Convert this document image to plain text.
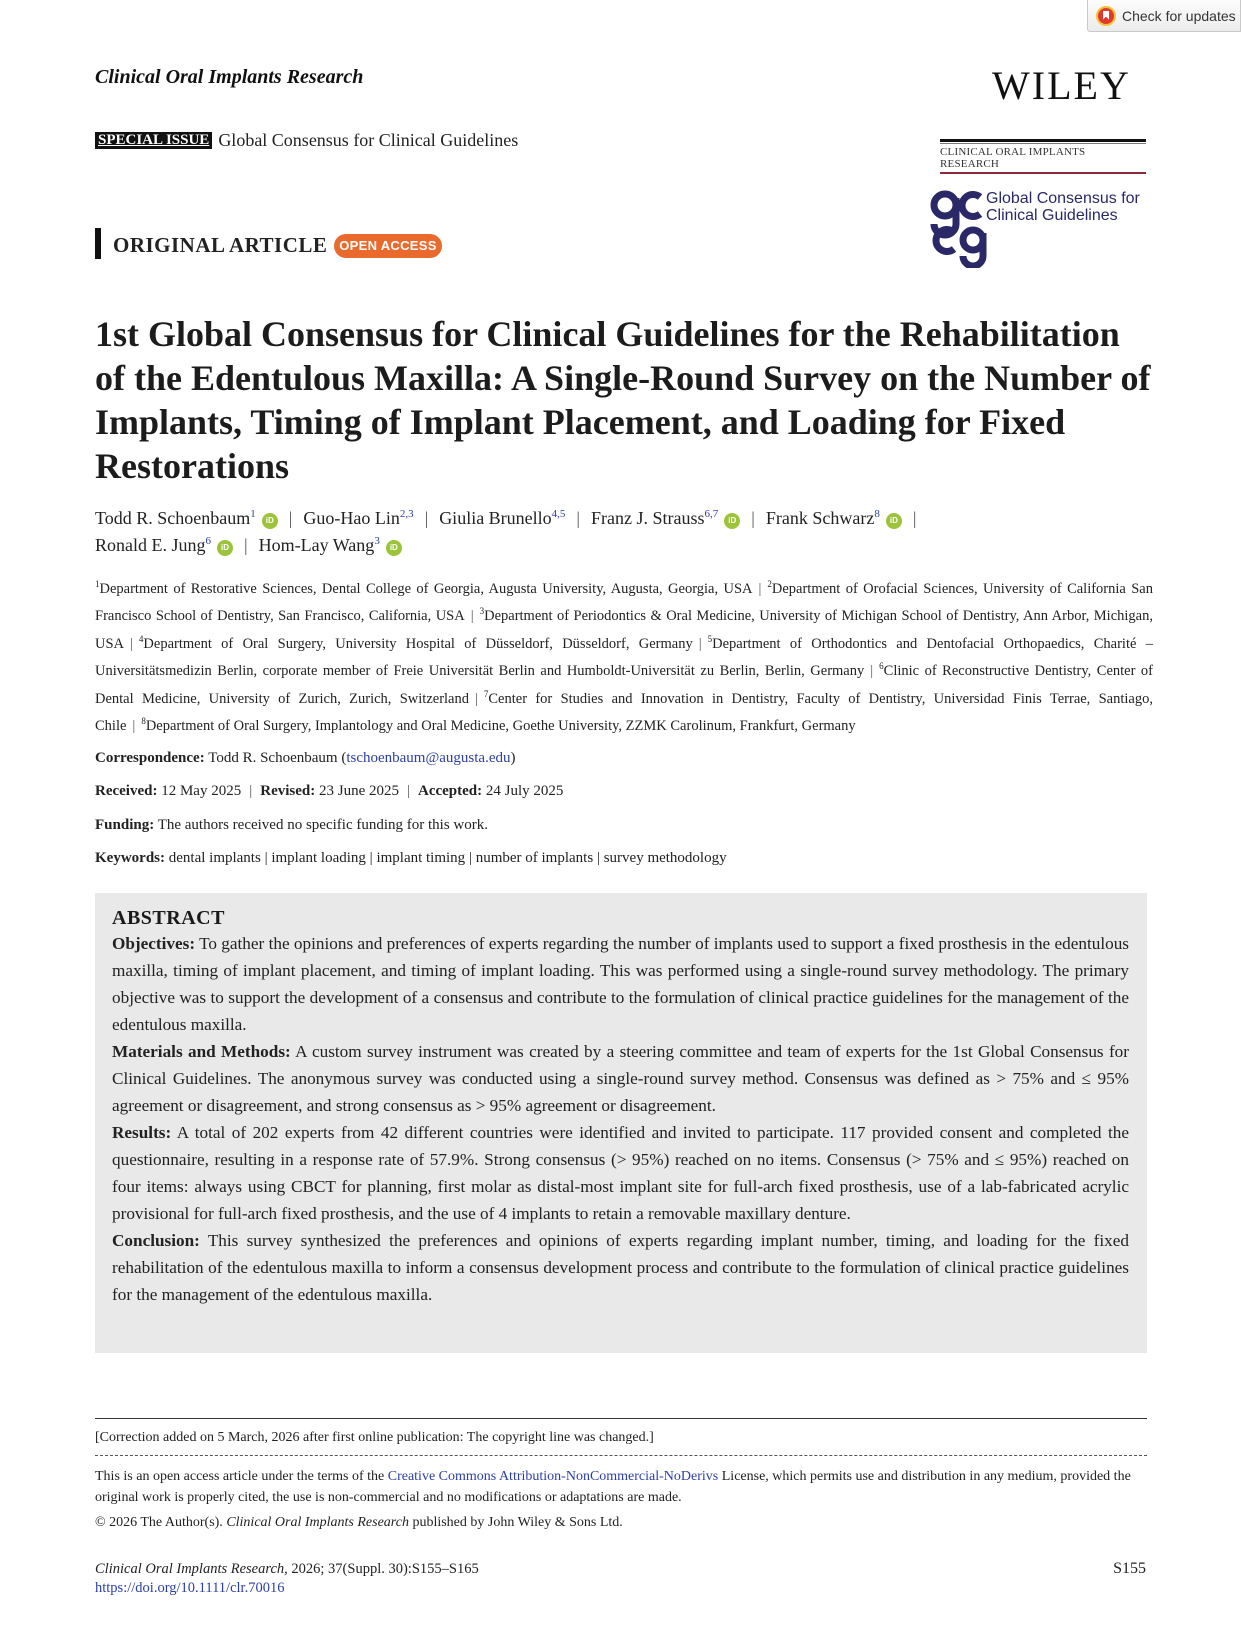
Check for updates
Clinical Oral Implants Research	WILEY
SPECIAL ISSUE Global Consensus for Clinical Guidelines
CLINICAL ORAL IMPLANTS RESEARCH
Global Consensus for
Clinical Guidelines
ORIGINAL ARTICLE OPEN ACCESS
1st Global Consensus for Clinical Guidelines for the Rehabilitation of the Edentulous Maxilla: A Single-Round Survey on the Number of Implants, Timing of Implant Placement, and Loading for Fixed Restorations
Todd R. Schoenbaum$^1$iD | Guo-Hao Lin$^{2,3}$ | Giulia Brunello$^{4,5}$ | Franz J. Strauss$^{6,7}$iD | Frank Schwarz$^8$iD |
Ronald E. Jung$^6$iD | Hom-Lay Wang$^3$iD
$^1$Department of Restorative Sciences, Dental College of Georgia, Augusta University, Augusta, Georgia, USA | $^2$Department of Orofacial Sciences, University of California San Francisco School of Dentistry, San Francisco, California, USA | $^3$Department of Periodontics & Oral Medicine, University of Michigan School of Dentistry, Ann Arbor, Michigan, USA | $^4$Department of Oral Surgery, University Hospital of Düsseldorf, Düsseldorf, Germany | $^5$Department of Orthodontics and Dentofacial Orthopaedics, Charité – Universitätsmedizin Berlin, corporate member of Freie Universität Berlin and Humboldt-Universität zu Berlin, Berlin, Germany | $^6$Clinic of Reconstructive Dentistry, Center of Dental Medicine, University of Zurich, Zurich, Switzerland | $^7$Center for Studies and Innovation in Dentistry, Faculty of Dentistry, Universidad Finis Terrae, Santiago, Chile | $^8$Department of Oral Surgery, Implantology and Oral Medicine, Goethe University, ZZMK Carolinum, Frankfurt, Germany
Correspondence: Todd R. Schoenbaum (tschoenbaum@augusta.edu)
Received: 12 May 2025 | Revised: 23 June 2025 | Accepted: 24 July 2025
Funding: The authors received no specific funding for this work.
Keywords: dental implants | implant loading | implant timing | number of implants | survey methodology
ABSTRACT

Objectives: To gather the opinions and preferences of experts regarding the number of implants used to support a fixed prosthesis in the edentulous maxilla, timing of implant placement, and timing of implant loading. This was performed using a single-round survey methodology. The primary objective was to support the development of a consensus and contribute to the formulation of clinical practice guidelines for the management of the edentulous maxilla.

Materials and Methods: A custom survey instrument was created by a steering committee and team of experts for the 1st Global Consensus for Clinical Guidelines. The anonymous survey was conducted using a single-round survey method. Consensus was defined as > 75% and ≤ 95% agreement or disagreement, and strong consensus as > 95% agreement or disagreement.

Results: A total of 202 experts from 42 different countries were identified and invited to participate. 117 provided consent and completed the questionnaire, resulting in a response rate of 57.9%. Strong consensus (> 95%) reached on no items. Consensus (> 75% and ≤ 95%) reached on four items: always using CBCT for planning, first molar as distal-most implant site for full-arch fixed prosthesis, use of a lab-fabricated acrylic provisional for full-arch fixed prosthesis, and the use of 4 implants to retain a removable maxillary denture.

Conclusion: This survey synthesized the preferences and opinions of experts regarding implant number, timing, and loading for the fixed rehabilitation of the edentulous maxilla to inform a consensus development process and contribute to the formulation of clinical practice guidelines for the management of the edentulous maxilla.

[Correction added on 5 March, 2026 after first online publication: The copyright line was changed.]
This is an open access article under the terms of the Creative Commons Attribution-NonCommercial-NoDerivs License, which permits use and distribution in any medium, provided the original work is properly cited, the use is non-commercial and no modifications or adaptations are made.
© 2026 The Author(s). Clinical Oral Implants Research published by John Wiley & Sons Ltd.
Clinical Oral Implants Research, 2026; 37(Suppl. 30):S155–S165
https://doi.org/10.1111/clr.70016
S155
